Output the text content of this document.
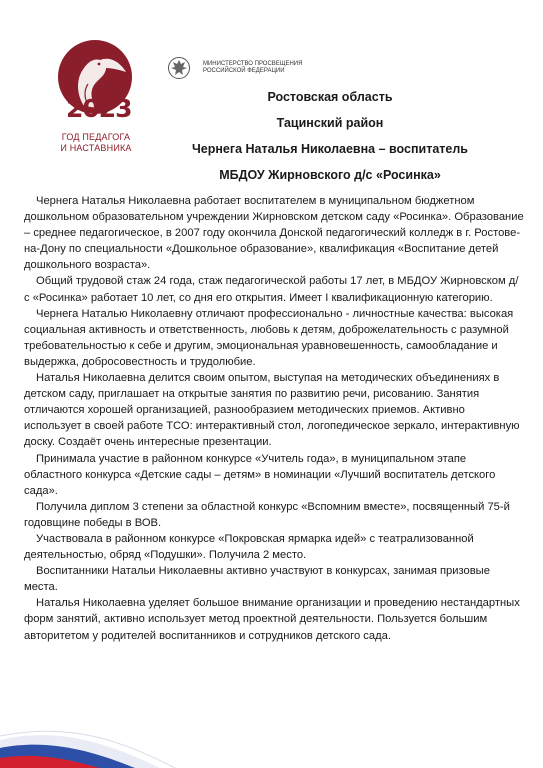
2023
ГОД ПЕДАГОГА
И НАСТАВНИКА
МИНИСТЕРСТВО ПРОСВЕЩЕНИЯ
РОССИЙСКОЙ ФЕДЕРАЦИИ
Ростовская область
Тацинский район
Чернега Наталья Николаевна – воспитатель
МБДОУ Жирновского д/с «Росинка»

Чернега Наталья Николаевна работает воспитателем в муниципальном бюджетном дошкольном образовательном учреждении Жирновском детском саду «Росинка». Образование – среднее педагогическое, в 2007 году окончила Донской педагогический колледж в г. Ростове-на-Дону по специальности «Дошкольное образование», квалификация «Воспитание детей дошкольного возраста».

Общий трудовой стаж 24 года, стаж педагогической работы 17 лет, в МБДОУ Жирновском д/с «Росинка» работает 10 лет, со дня его открытия. Имеет I квалификационную категорию.

Чернега Наталью Николаевну отличают профессионально - личностные качества: высокая социальная активность и ответственность, любовь к детям, доброжелательность с разумной требовательностью к себе и другим, эмоциональная уравновешенность, самообладание и выдержка, добросовестность и трудолюбие.

Наталья Николаевна делится своим опытом, выступая на методических объединениях в детском саду, приглашает на открытые занятия по развитию речи, рисованию. Занятия отличаются хорошей организацией, разнообразием методических приемов. Активно использует в своей работе ТСО: интерактивный стол, логопедическое зеркало, интерактивную доску. Создаёт очень интересные презентации.

Принимала участие в районном конкурсе «Учитель года», в муниципальном этапе областного конкурса «Детские сады – детям» в номинации «Лучший воспитатель детского сада».

Получила диплом 3 степени за областной конкурс «Вспомним вместе», посвященный 75-й годовщине победы в ВОВ.

Участвовала в районном конкурсе «Покровская ярмарка идей» с театрализованной деятельностью, обряд «Подушки». Получила 2 место.

Воспитанники Натальи Николаевны активно участвуют в конкурсах, занимая призовые места.

Наталья Николаевна уделяет большое внимание организации и проведению нестандартных форм занятий, активно использует метод проектной деятельности. Пользуется большим авторитетом у родителей воспитанников и сотрудников детского сада.
